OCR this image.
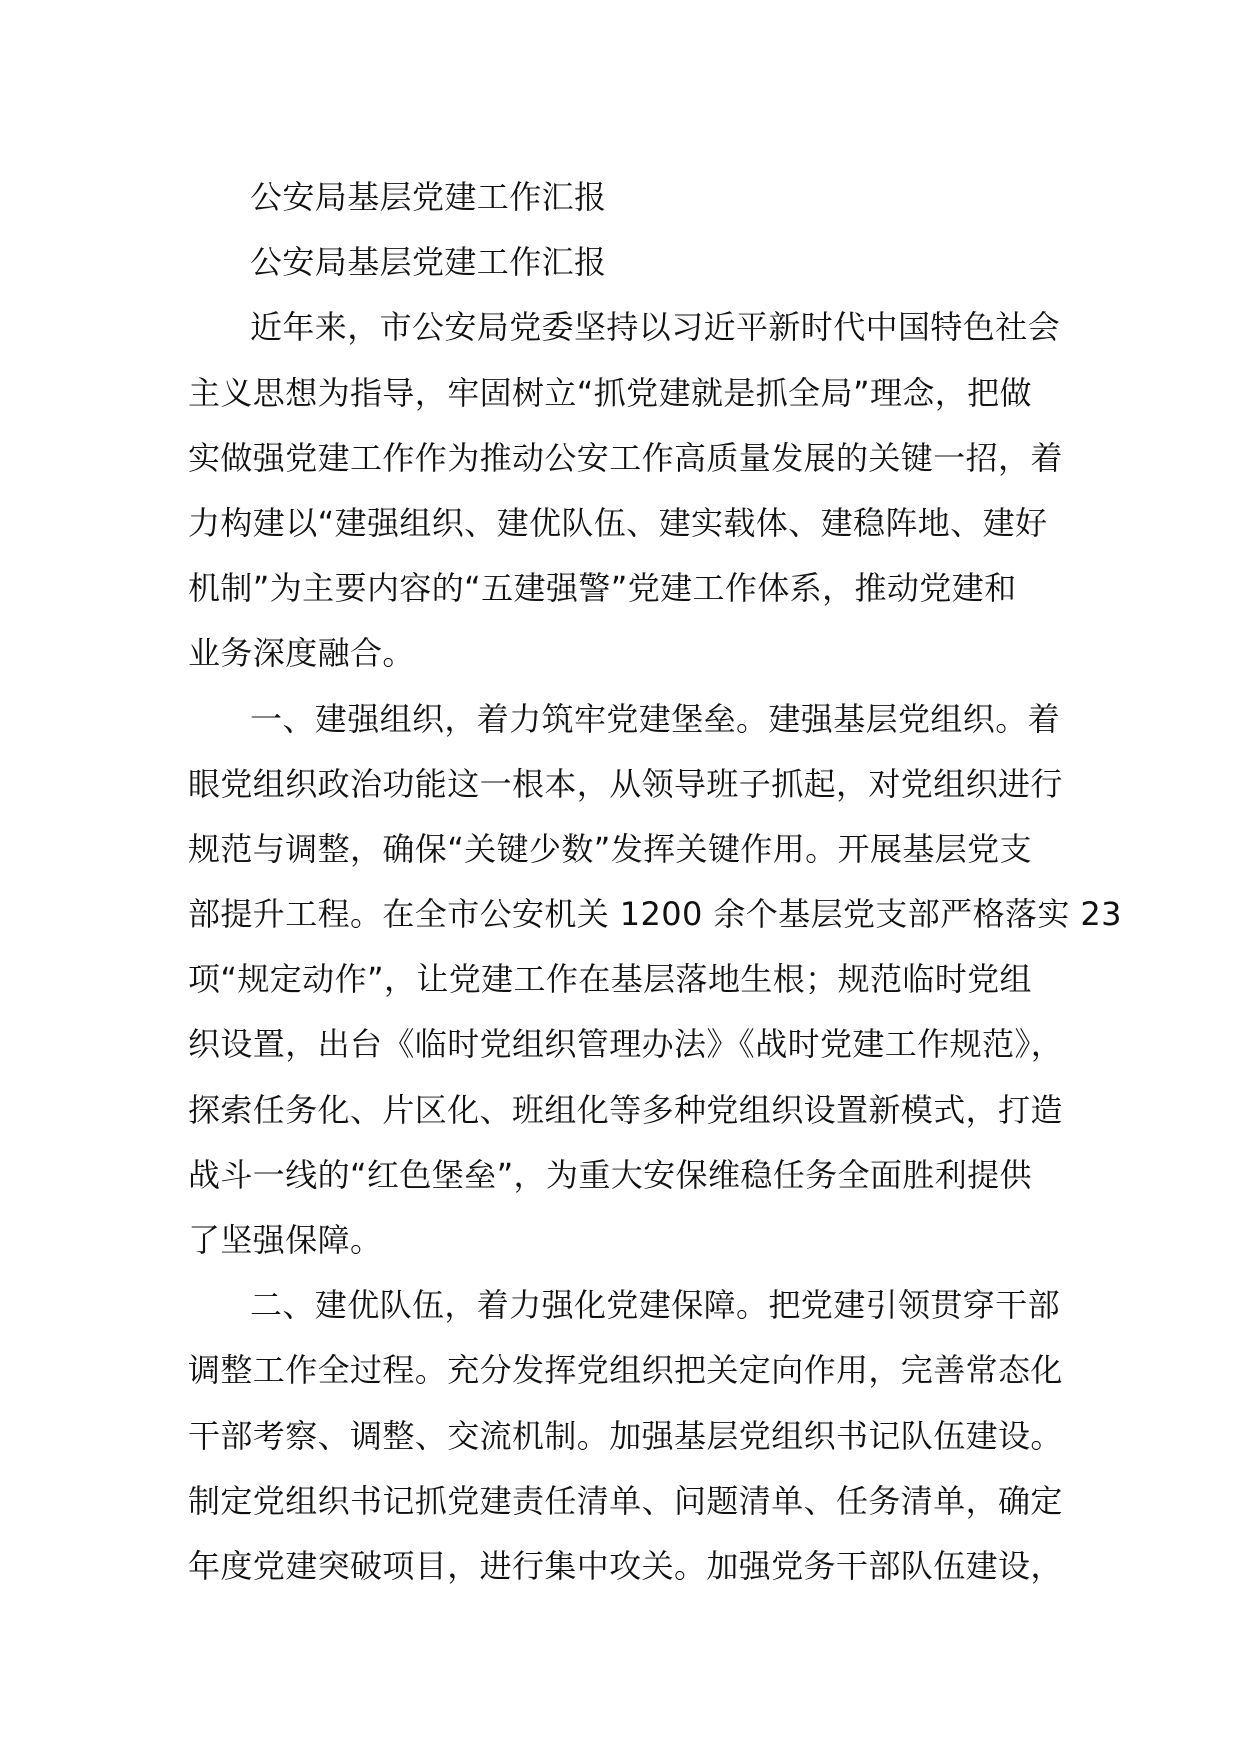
公安局基层党建工作汇报
公安局基层党建工作汇报
近年来，市公安局党委坚持以习近平新时代中国特色社会
主义思想为指导，牢固树立“抓党建就是抓全局”理念，把做
实做强党建工作作为推动公安工作高质量发展的关键一招，着
力构建以“建强组织、建优队伍、建实载体、建稳阵地、建好
机制”为主要内容的“五建强警”党建工作体系，推动党建和
业务深度融合。
一、建强组织，着力筑牢党建堡垒。建强基层党组织。着
眼党组织政治功能这一根本，从领导班子抓起，对党组织进行
规范与调整，确保“关键少数”发挥关键作用。开展基层党支
部提升工程。在全市公安机关 1200 余个基层党支部严格落实 23
项“规定动作”，让党建工作在基层落地生根；规范临时党组
织设置，出台《临时党组织管理办法》《战时党建工作规范》，
探索任务化、片区化、班组化等多种党组织设置新模式，打造
战斗一线的“红色堡垒”，为重大安保维稳任务全面胜利提供
了坚强保障。
二、建优队伍，着力强化党建保障。把党建引领贯穿干部
调整工作全过程。充分发挥党组织把关定向作用，完善常态化
干部考察、调整、交流机制。加强基层党组织书记队伍建设。
制定党组织书记抓党建责任清单、问题清单、任务清单，确定
年度党建突破项目，进行集中攻关。加强党务干部队伍建设，
